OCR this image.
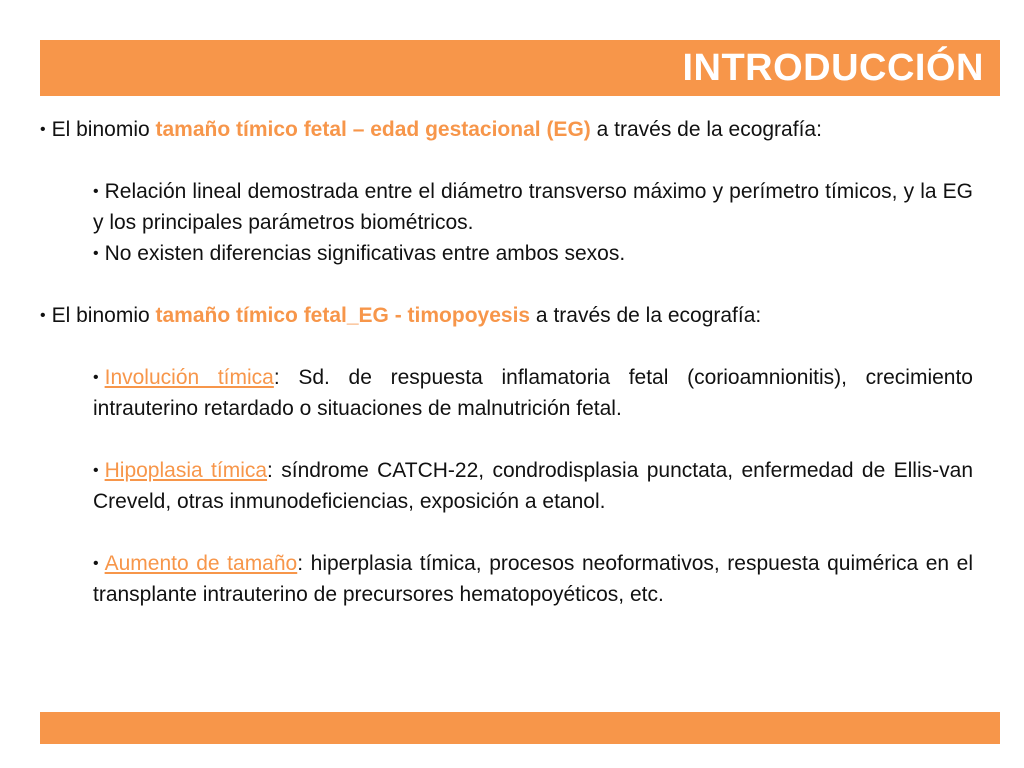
INTRODUCCIÓN

• El binomio tamaño tímico fetal – edad gestacional (EG) a través de la ecografía:

• Relación lineal demostrada entre el diámetro transverso máximo y perímetro tímicos, y la EG y los principales parámetros biométricos.

• No existen diferencias significativas entre ambos sexos.

• El binomio tamaño tímico fetal_EG - timopoyesis a través de la ecografía:

• Involución tímica: Sd. de respuesta inflamatoria fetal (corioamnionitis), crecimiento intrauterino retardado o situaciones de malnutrición fetal.

• Hipoplasia tímica: síndrome CATCH-22, condrodisplasia punctata, enfermedad de Ellis-van Creveld, otras inmunodeficiencias, exposición a etanol.

• Aumento de tamaño: hiperplasia tímica, procesos neoformativos, respuesta quimérica en el transplante intrauterino de precursores hematopoyéticos, etc.
